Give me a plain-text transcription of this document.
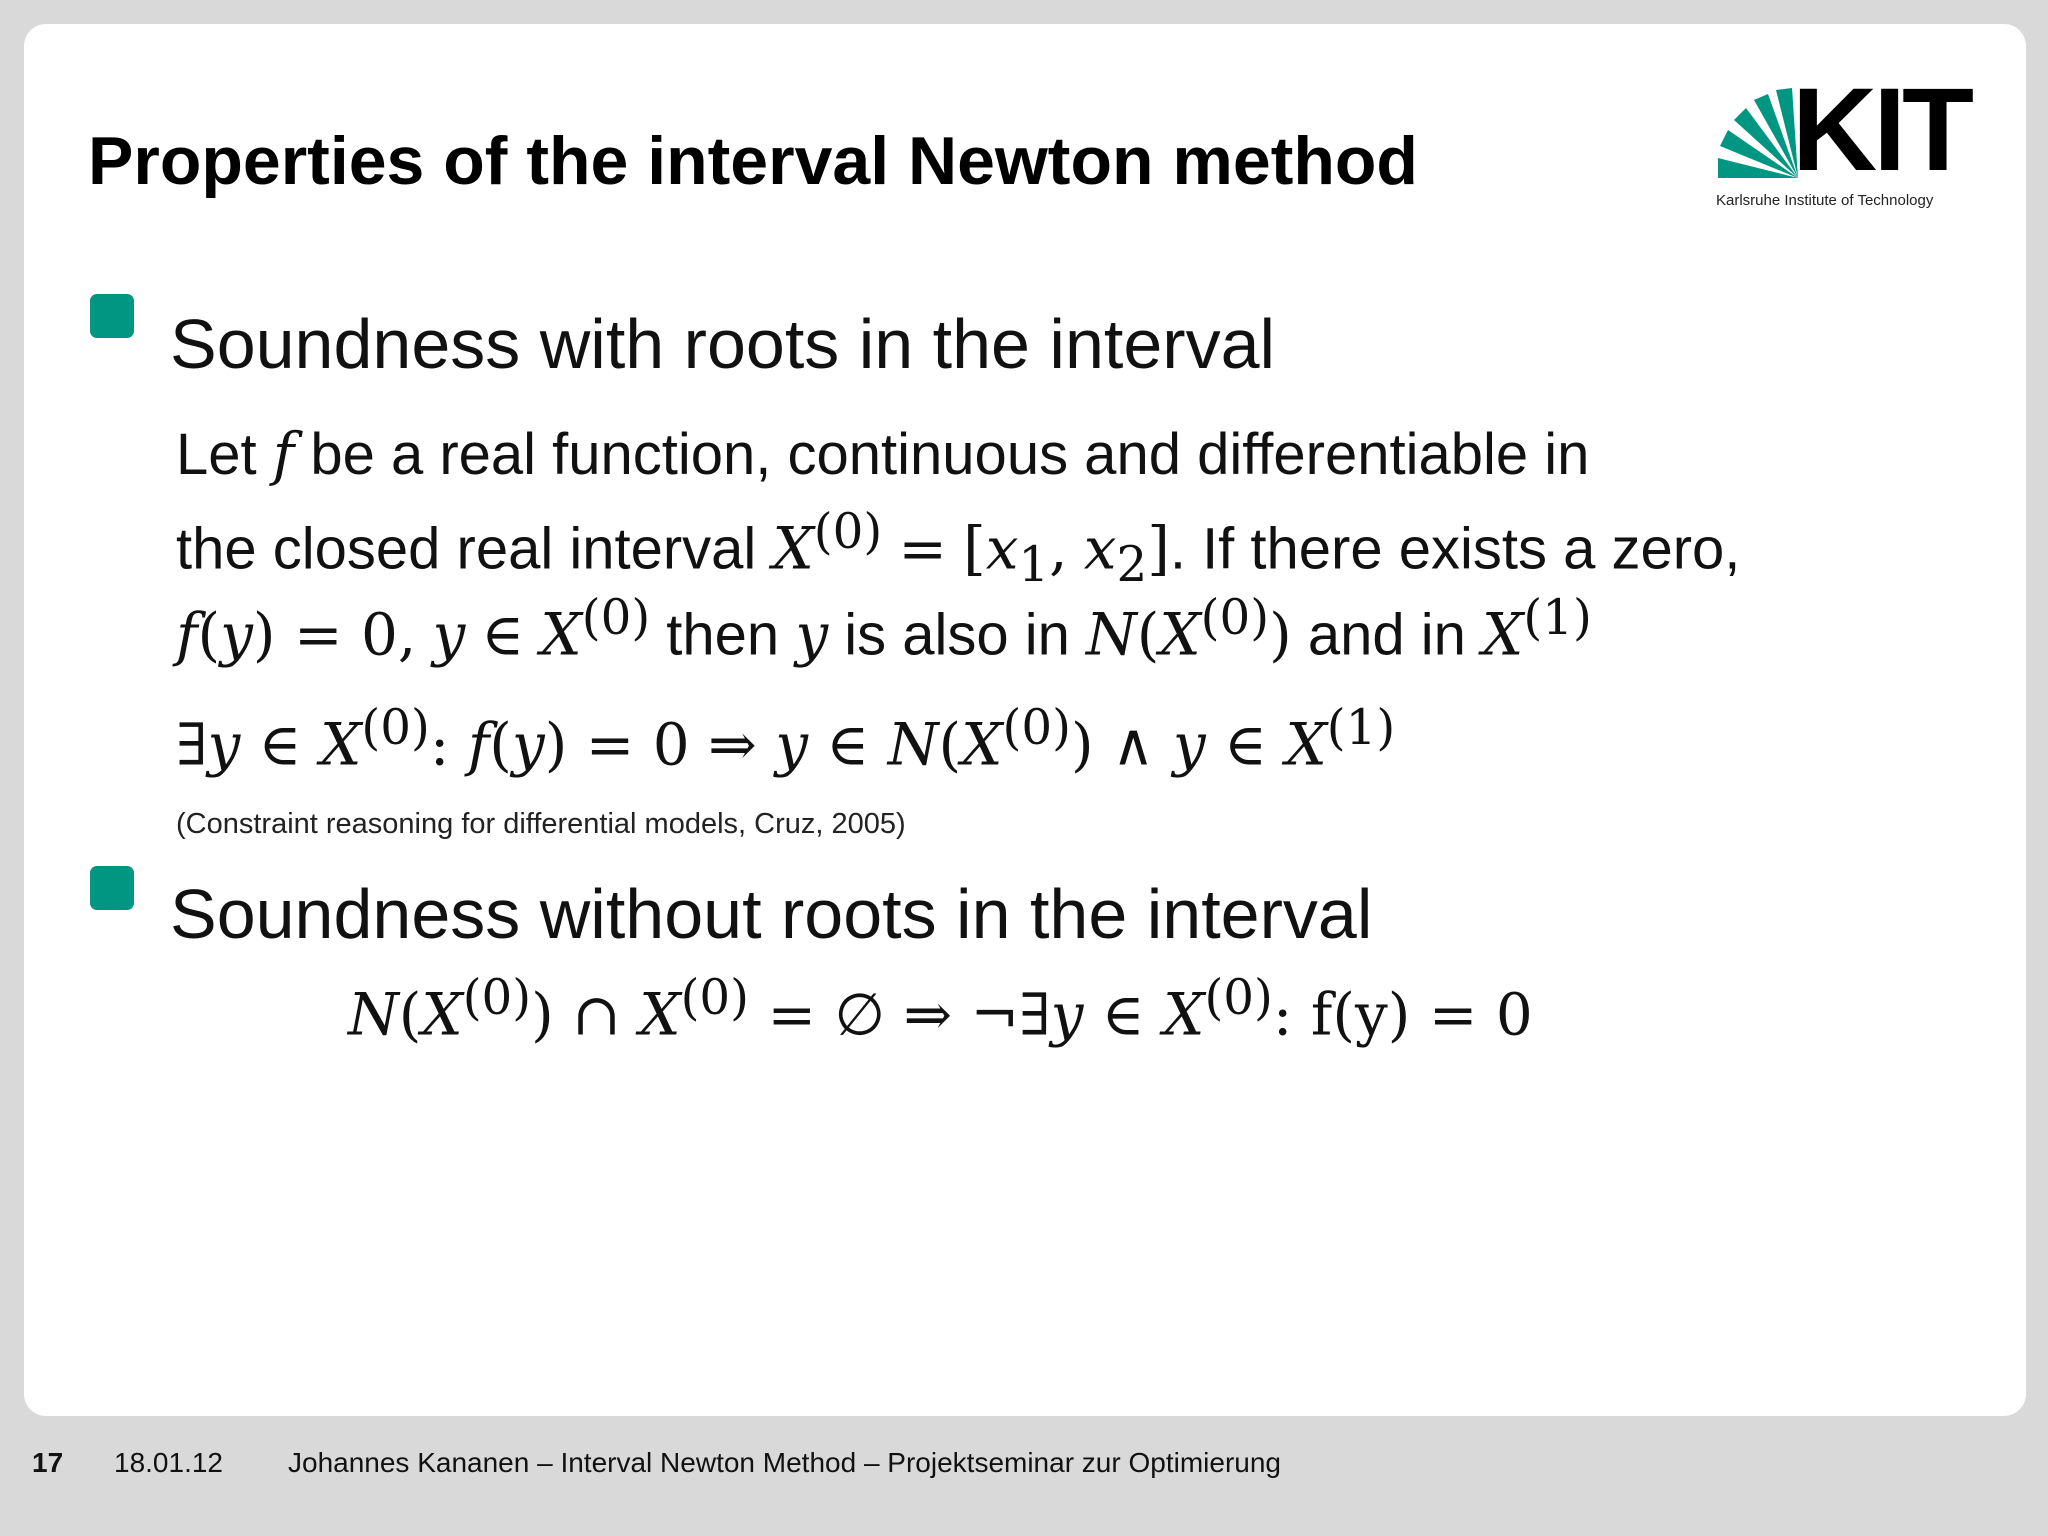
Properties of the interval Newton method	KIT
Karlsruhe Institute of Technology
Soundness with roots in the interval
Let f be a real function, continuous and differentiable in
the closed real interval $X^{(0)} = [x_1$, $x_2$]. If there exists a zero,
f(y) = 0, y ∈ $X^{(0)}$ then y is also in $N(X^{(0)})$ and in $X^{(1)}$
∃y ∈ $X^{(0)}$: f(y) = 0 ⇒ y ∈ $N(X^{(0)})$ ∧ y ∈ $X^{(1)}$
(Constraint reasoning for differential models, Cruz, 2005)
Soundness without roots in the interval
$N(X^{(0)})$ ∩ $X^{(0)}$ = ∅ ⇒ ¬∃y ∈ $X^{(0)}$: f(y) = 0
17 18.01.12 Johannes Kananen – Interval Newton Method – Projektseminar zur Optimierung
